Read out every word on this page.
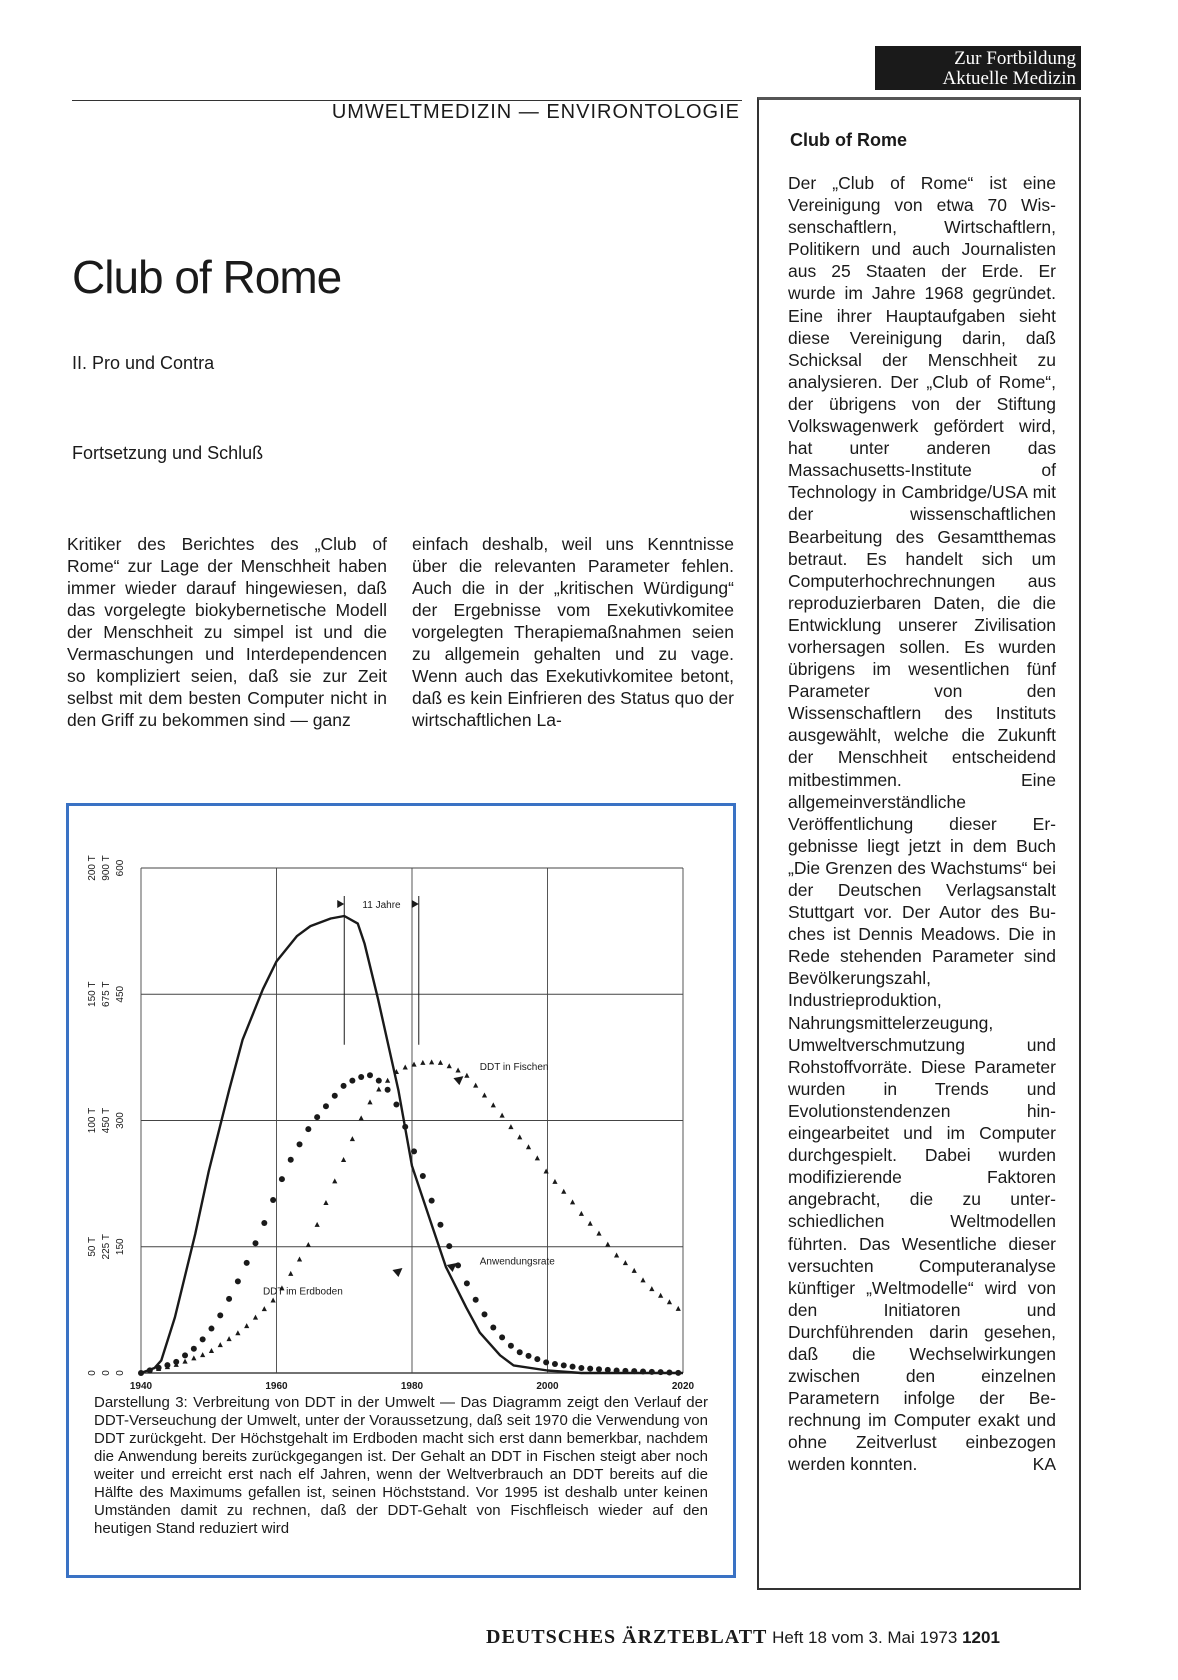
Zur Fortbildung
Aktuelle Medizin
UMWELTMEDIZIN — ENVIRONTOLOGIE
Club of Rome
II. Pro und Contra
Fortsetzung und Schluß
Kritiker des Berichtes des „Club of Rome“ zur Lage der Menschheit haben immer wieder darauf hingewiesen, daß das vorgelegte biokybernetische Modell der Menschheit zu simpel ist und die Vermaschungen und Interdependencen so kompliziert seien, daß sie zur Zeit selbst mit dem besten Computer nicht in den Griff zu bekommen sind — ganz
einfach deshalb, weil uns Kenntnisse über die relevanten Parameter fehlen. Auch die in der „kritischen Würdigung“ der Ergebnisse vom Exekutivkomitee vorgelegten Therapiemaßnahmen seien zu allgemein gehalten und zu vage. Wenn auch das Exekutivkomitee betont, daß es kein Einfrieren des Status quo der wirtschaftlichen La-
1940	1960	1980	2000	2020
0
50 T
100 T
150 T
200 T
0
225 T
450 T
675 T
900 T
0
150
300
450
600
11 Jahre
DDT in Fischen
Anwendungsrate
DDT im Erdboden
Darstellung 3: Verbreitung von DDT in der Umwelt — Das Diagramm zeigt den Verlauf der DDT-Verseuchung der Umwelt, unter der Voraussetzung, daß seit 1970 die Verwendung von DDT zurückgeht. Der Höchstgehalt im Erdboden macht sich erst dann bemerkbar, nachdem die Anwendung bereits zurückgegangen ist. Der Gehalt an DDT in Fischen steigt aber noch weiter und erreicht erst nach elf Jahren, wenn der Weltverbrauch an DDT bereits auf die Hälfte des Maximums gefallen ist, seinen Höchststand. Vor 1995 ist deshalb unter keinen Umständen damit zu rechnen, daß der DDT-Gehalt von Fischfleisch wieder auf den heutigen Stand reduziert wird
Club of Rome
Der „Club of Rome“ ist eine Vereinigung von etwa 70 Wissenschaftlern, Wirtschaftlern, Politikern und auch Journalisten aus 25 Staaten der Erde. Er wurde im Jahre 1968 gegründet. Eine ihrer Hauptaufgaben sieht diese Vereinigung darin, daß Schicksal der Menschheit zu analysieren. Der „Club of Rome“, der übrigens von der Stiftung Volkswagenwerk gefördert wird, hat unter anderen das Massachusetts-Institute of Technology in Cambridge/USA mit der wissenschaftlichen Bearbeitung des Gesamtthemas betraut. Es handelt sich um Computerhochrechnungen aus reproduzierbaren Daten, die die Entwicklung unserer Zivilisation vorhersagen sollen. Es wurden übrigens im wesentlichen fünf Parameter von den Wissenschaftlern des Instituts ausgewählt, welche die Zukunft der Menschheit entscheidend mitbestimmen. Eine allgemeinverständliche Veröffentlichung dieser Ergebnisse liegt jetzt in dem Buch „Die Grenzen des Wachstums“ bei der Deutschen Verlagsanstalt Stuttgart vor. Der Autor des Buches ist Dennis Meadows. Die in Rede stehenden Parameter sind Bevölkerungszahl, Industrieproduktion, Nahrungsmittelerzeugung, Umweltverschmutzung und Rohstoffvorräte. Diese Parameter wurden in Trends und Evolutionstendenzen hineingearbeitet und im Computer durchgespielt. Dabei wurden modifizierende Faktoren angebracht, die zu unterschiedlichen Weltmodellen führten. Das Wesentliche dieser versuchten Computeranalyse künftiger „Weltmodelle“ wird von den Initiatoren und Durchführenden darin gesehen, daß die Wechselwirkungen zwischen den einzelnen Parametern infolge der Berechnung im Computer exakt und ohne Zeitverlust einbezogen werden konnten.	KA
DEUTSCHES ÄRZTEBLATT Heft 18 vom 3. Mai 1973 1201
